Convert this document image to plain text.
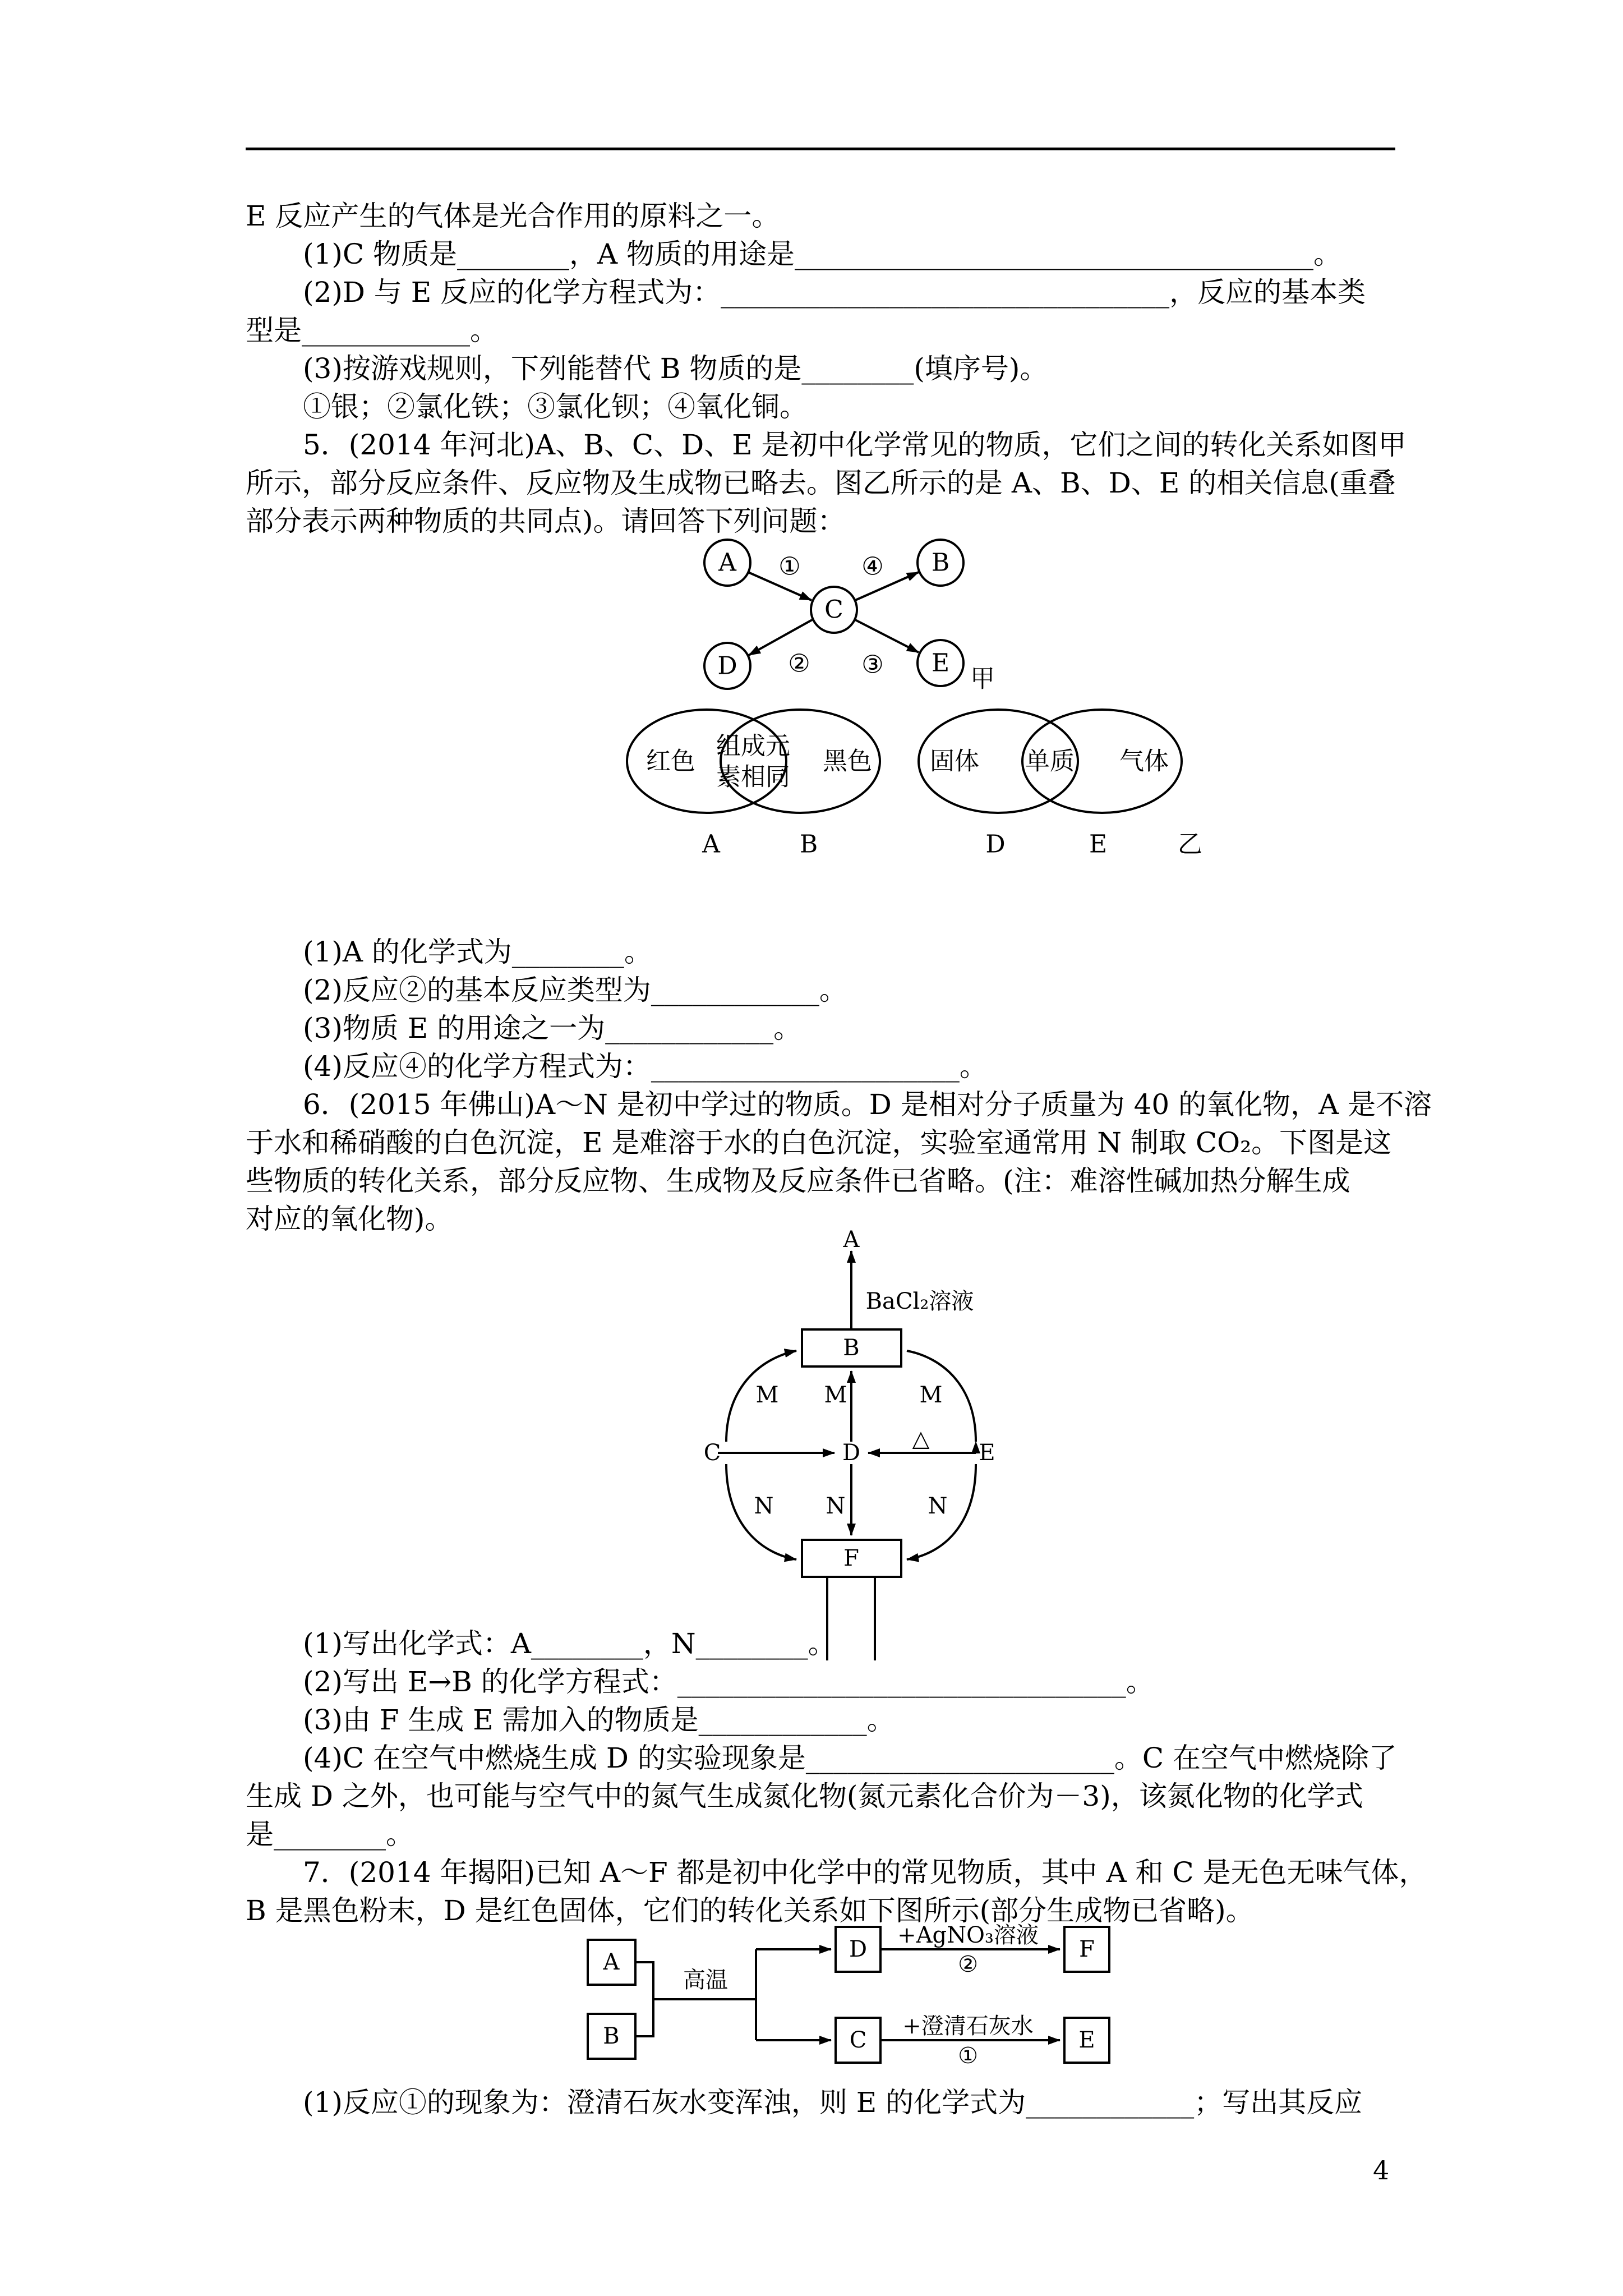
E 反应产生的气体是光合作用的原料之一。
(1)C 物质是________，A 物质的用途是_____________________________________。
(2)D 与 E 反应的化学方程式为：________________________________，反应的基本类
型是____________。
(3)按游戏规则，下列能替代 B 物质的是________(填序号)。
①银；②氯化铁；③氯化钡；④氧化铜。
5．(2014 年河北)A、B、C、D、E 是初中化学常见的物质，它们之间的转化关系如图甲
所示，部分反应条件、反应物及生成物已略去。图乙所示的是 A、B、D、E 的相关信息(重叠
部分表示两种物质的共同点)。请回答下列问题：
A	B
C
D	E
① ④
② ③	甲
红色
组成元
素相同
黑色 固体 单质 气体
A	B	D	E	乙
(1)A 的化学式为________。
(2)反应②的基本反应类型为____________。
(3)物质 E 的用途之一为____________。
(4)反应④的化学方程式为：______________________。
6．(2015 年佛山)A～N 是初中学过的物质。D 是相对分子质量为 40 的氧化物，A 是不溶
于水和稀硝酸的白色沉淀，E 是难溶于水的白色沉淀，实验室通常用 N 制取 CO₂。下图是这
些物质的转化关系，部分反应物、生成物及反应条件已省略。(注：难溶性碱加热分解生成
对应的氧化物)。
A
BaCl₂溶液
B
C	D	E
F
M M	M
△
N N	N
(1)写出化学式：A________，N________。
(2)写出 E→B 的化学方程式：________________________________。
(3)由 F 生成 E 需加入的物质是____________。
(4)C 在空气中燃烧生成 D 的实验现象是______________________。C 在空气中燃烧除了
生成 D 之外，也可能与空气中的氮气生成氮化物(氮元素化合价为－3)，该氮化物的化学式
是________。
7．(2014 年揭阳)已知 A～F 都是初中化学中的常见物质，其中 A 和 C 是无色无味气体，
B 是黑色粉末，D 是红色固体，它们的转化关系如下图所示(部分生成物已省略)。
A
B	C
D
E
F
高温
+AgNO₃溶液
②
+澄清石灰水
①
(1)反应①的现象为：澄清石灰水变浑浊，则 E 的化学式为____________；写出其反应
4
